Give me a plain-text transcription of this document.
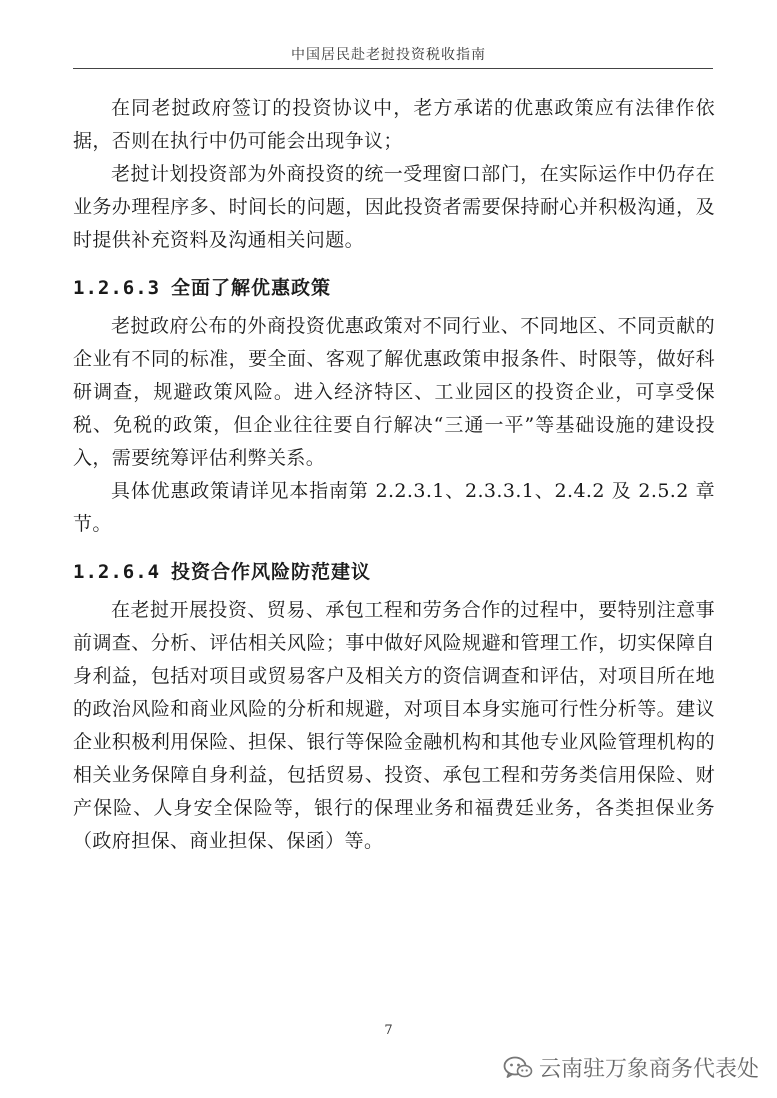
中国居民赴老挝投资税收指南

在同老挝政府签订的投资协议中，老方承诺的优惠政策应有法律作依据，否则在执行中仍可能会出现争议；

老挝计划投资部为外商投资的统一受理窗口部门，在实际运作中仍存在业务办理程序多、时间长的问题，因此投资者需要保持耐心并积极沟通，及时提供补充资料及沟通相关问题。

1.2.6.3 全面了解优惠政策

老挝政府公布的外商投资优惠政策对不同行业、不同地区、不同贡献的企业有不同的标准，要全面、客观了解优惠政策申报条件、时限等，做好科研调查，规避政策风险。进入经济特区、工业园区的投资企业，可享受保税、免税的政策，但企业往往要自行解决“三通一平”等基础设施的建设投入，需要统筹评估利弊关系。

具体优惠政策请详见本指南第 2.2.3.1、2.3.3.1、2.4.2 及 2.5.2 章节。

1.2.6.4 投资合作风险防范建议

在老挝开展投资、贸易、承包工程和劳务合作的过程中，要特别注意事前调查、分析、评估相关风险；事中做好风险规避和管理工作，切实保障自身利益，包括对项目或贸易客户及相关方的资信调查和评估，对项目所在地的政治风险和商业风险的分析和规避，对项目本身实施可行性分析等。建议企业积极利用保险、担保、银行等保险金融机构和其他专业风险管理机构的相关业务保障自身利益，包括贸易、投资、承包工程和劳务类信用保险、财产保险、人身安全保险等，银行的保理业务和福费廷业务，各类担保业务（政府担保、商业担保、保函）等。

7
云南驻万象商务代表处
